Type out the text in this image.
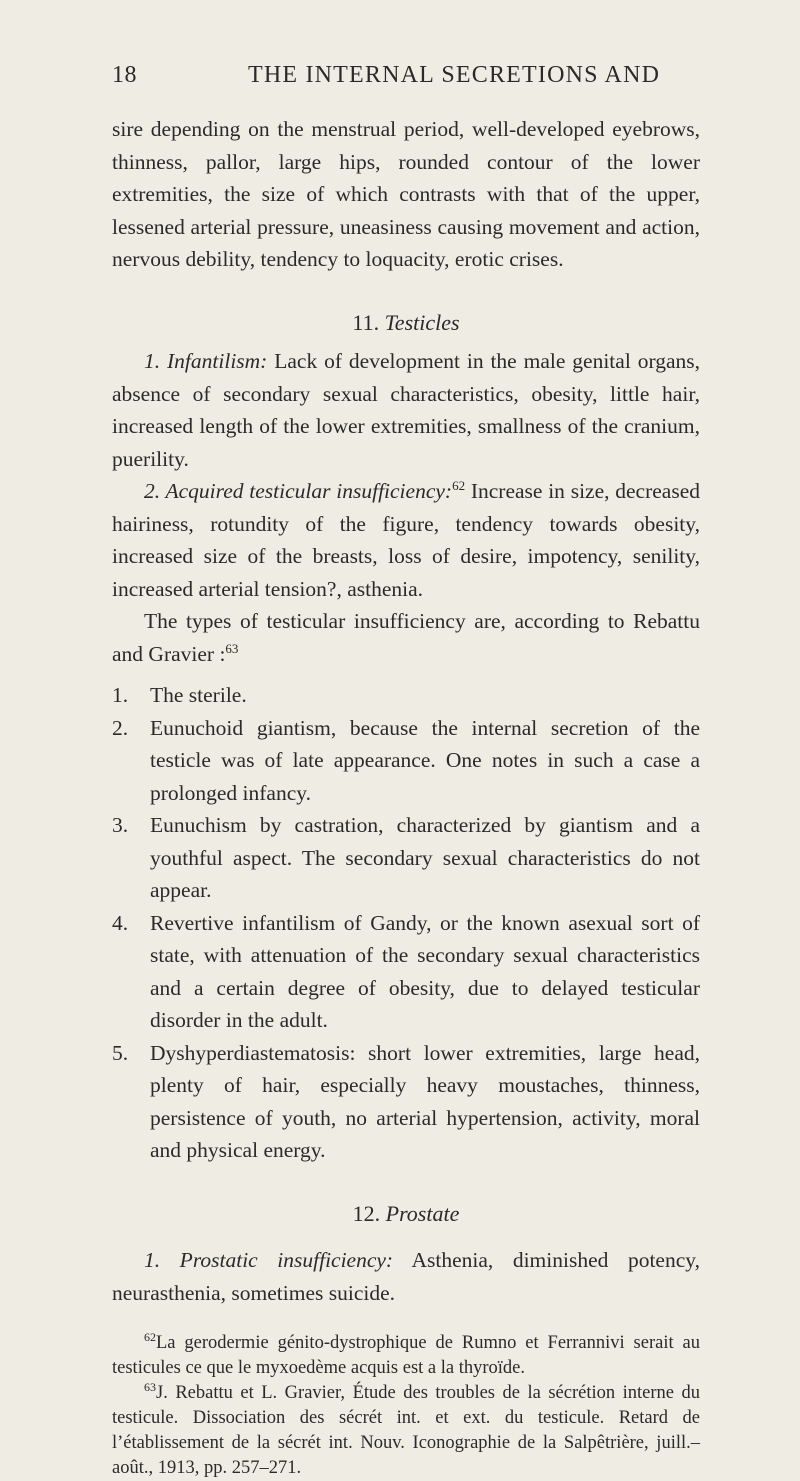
18	THE INTERNAL SECRETIONS AND

sire depending on the menstrual period, well-developed eyebrows, thinness, pallor, large hips, rounded contour of the lower extremities, the size of which contrasts with that of the upper, lessened arterial pressure, uneasiness causing movement and action, nervous debility, tendency to loquacity, erotic crises.

11. Testicles

1. Infantilism: Lack of development in the male genital organs, absence of secondary sexual characteristics, obesity, little hair, increased length of the lower extremities, smallness of the cranium, puerility.

2. Acquired testicular insufficiency:$^{62}$ Increase in size, decreased hairiness, rotundity of the figure, tendency towards obesity, increased size of the breasts, loss of desire, impotency, senility, increased arterial tension?, asthenia.

The types of testicular insufficiency are, according to Rebattu and Gravier :$^{63}$

1. The sterile.
2. Eunuchoid giantism, because the internal secretion of the testicle was of late appearance. One notes in such a case a prolonged infancy.
3. Eunuchism by castration, characterized by giantism and a youthful aspect. The secondary sexual characteristics do not appear.
4. Revertive infantilism of Gandy, or the known asexual sort of state, with attenuation of the secondary sexual characteristics and a certain degree of obesity, due to delayed testicular disorder in the adult.
5. Dyshyperdiastematosis: short lower extremities, large head, plenty of hair, especially heavy moustaches, thinness, persistence of youth, no arterial hypertension, activity, moral and physical energy.
12. Prostate

1. Prostatic insufficiency: Asthenia, diminished potency, neurasthenia, sometimes suicide.

$^{62}$La gerodermie génito-dystrophique de Rumno et Ferrannivi serait au testicules ce que le myxoedème acquis est a la thyroïde.

$^{63}$J. Rebattu et L. Gravier, Étude des troubles de la sécrétion interne du testicule. Dissociation des sécrét int. et ext. du testicule. Retard de l’établissement de la sécrét int. Nouv. Iconographie de la Salpêtrière, juill.–août., 1913, pp. 257–271.
